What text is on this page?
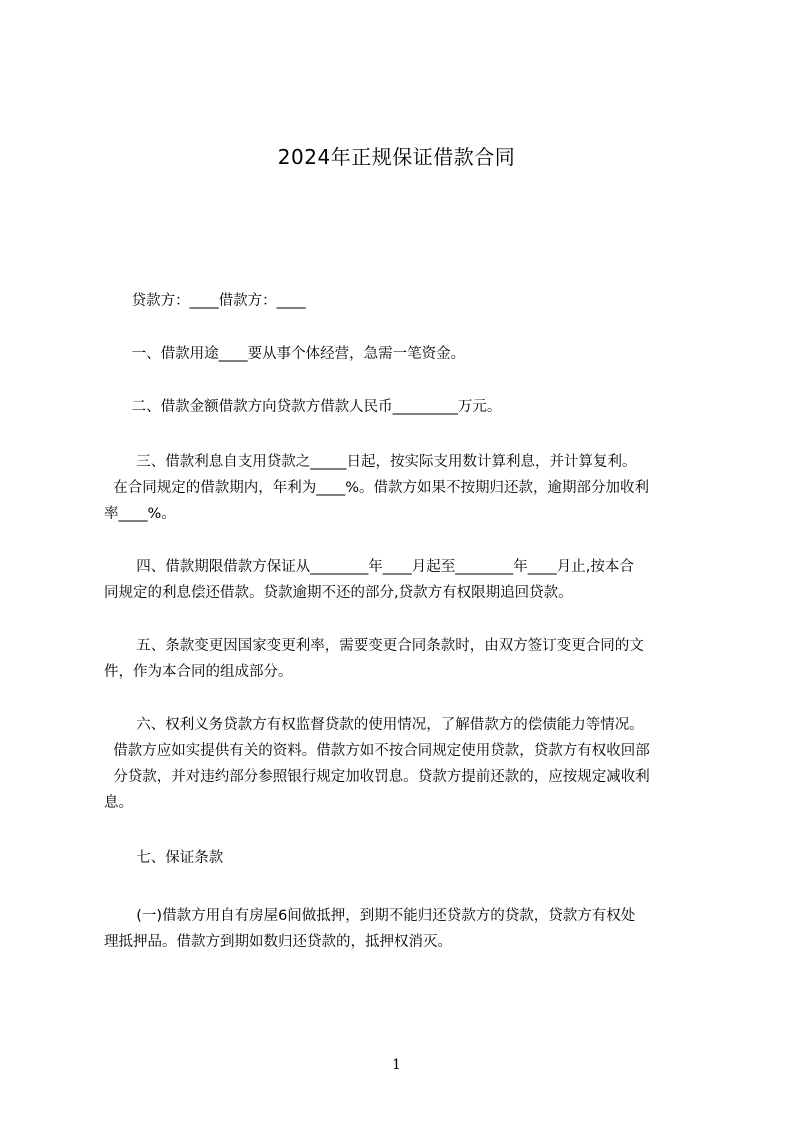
2024年正规保证借款合同
贷款方：____借款方：____
一、借款用途____要从事个体经营，急需一笔资金。
二、借款金额借款方向贷款方借款人民币_________万元。
三、借款利息自支用贷款之_____日起，按实际支用数计算利息，并计算复利。
在合同规定的借款期内，年利为____%。借款方如果不按期归还款，逾期部分加收利
率____%。
四、借款期限借款方保证从________年____月起至________年____月止,按本合
同规定的利息偿还借款。贷款逾期不还的部分,贷款方有权限期追回贷款。
五、条款变更因国家变更利率，需要变更合同条款时，由双方签订变更合同的文
件，作为本合同的组成部分。
六、权利义务贷款方有权监督贷款的使用情况，了解借款方的偿债能力等情况。
借款方应如实提供有关的资料。借款方如不按合同规定使用贷款，贷款方有权收回部
分贷款，并对违约部分参照银行规定加收罚息。贷款方提前还款的，应按规定减收利
息。
七、保证条款
(一)借款方用自有房屋6间做抵押，到期不能归还贷款方的贷款，贷款方有权处
理抵押品。借款方到期如数归还贷款的，抵押权消灭。
1
